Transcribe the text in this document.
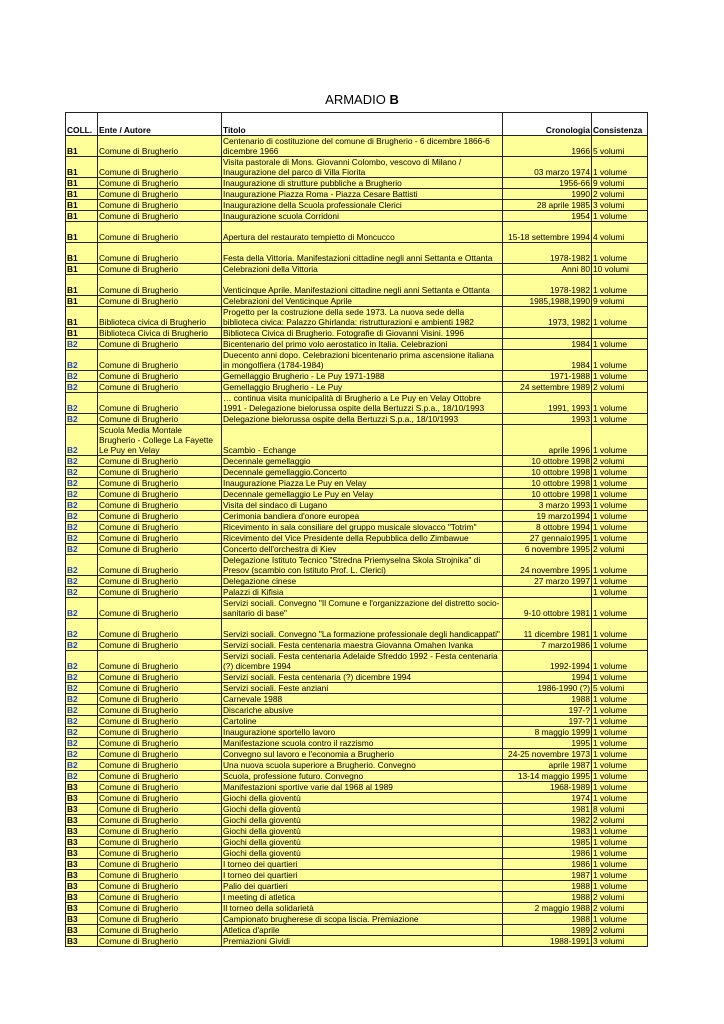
ARMADIO B
COLL.	Ente / Autore	Titolo	Cronologia	Consistenza
B1	Comune di Brugherio	Centenario di costituzione del comune di Brugherio - 6 dicembre 1866-6 dicembre 1966	1966	5 volumi
B1	Comune di Brugherio	Visita pastorale di Mons. Giovanni Colombo, vescovo di Milano / Inaugurazione del parco di Villa Fiorita	03 marzo 1974	1 volume
B1	Comune di Brugherio	Inaugurazione di strutture pubbliche a Brugherio	1956-66	9 volumi
B1	Comune di Brugherio	Inaugurazione Piazza Roma - Piazza Cesare Battisti	1990	2 volumi
B1	Comune di Brugherio	Inaugurazione della Scuola professionale Clerici	28 aprile 1985	3 volumi
B1	Comune di Brugherio	Inaugurazione scuola Corridoni	1954	1 volume
B1	Comune di Brugherio	Apertura del restaurato tempietto di Moncucco	15-18 settembre 1994	4 volumi
B1	Comune di Brugherio	Festa della Vittoria. Manifestazioni cittadine negli anni Settanta e Ottanta	1978-1982	1 volume
B1	Comune di Brugherio	Celebrazioni della Vittoria	Anni 80	10 volumi
B1	Comune di Brugherio	Venticinque Aprile. Manifestazioni cittadine negli anni Settanta e Ottanta	1978-1982	1 volume
B1	Comune di Brugherio	Celebrazioni del Venticinque Aprile	1985,1988,1990	9 volumi
B1	Biblioteca civica di Brugherio	Progetto per la costruzione della sede 1973. La nuova sede della biblioteca civica: Palazzo Ghirlanda: ristrutturazioni e ambienti 1982	1973, 1982	1 volume
B1	Biblioteca Civica di Brugherio	Biblioteca Civica di Brugherio. Fotografie di Giovanni Visini. 1996		
B2	Comune di Brugherio	Bicentenario del primo volo aerostatico in Italia. Celebrazioni	1984	1 volume
B2	Comune di Brugherio	Duecento anni dopo. Celebrazioni bicentenario prima ascensione italiana in mongolfiera (1784-1984)	1984	1 volume
B2	Comune di Brugherio	Gemellaggio Brugherio - Le Puy 1971-1988	1971-1988	1 volume
B2	Comune di Brugherio	Gemellaggio Brugherio - Le Puy	24 settembre 1989	2 volumi
B2	Comune di Brugherio	… continua visita municipalità di Brugherio a Le Puy en Velay Ottobre 1991 - Delegazione bielorussa ospite della Bertuzzi S.p.a., 18/10/1993	1991, 1993	1 volume
B2	Comune di Brugherio	Delegazione bielorussa ospite della Bertuzzi S.p.a., 18/10/1993	1993	1 volume
B2	Scuola Media Montale Brugherio - College La Fayette Le Puy en Velay	Scambio - Echange	aprile 1996	1 volume
B2	Comune di Brugherio	Decennale gemellaggio	10 ottobre 1998	2 volumi
B2	Comune di Brugherio	Decennale gemellaggio.Concerto	10 ottobre 1998	1 volume
B2	Comune di Brugherio	Inaugurazione Piazza Le Puy en Velay	10 ottobre 1998	1 volume
B2	Comune di Brugherio	Decennale gemellaggio Le Puy en Velay	10 ottobre 1998	1 volume
B2	Comune di Brugherio	Visita del sindaco di Lugano	3 marzo 1993	1 volume
B2	Comune di Brugherio	Cerimonia bandiera d'onore europea	19 marzo1994	1 volume
B2	Comune di Brugherio	Ricevimento in sala consiliare del gruppo musicale slovacco "Totrim"	8 ottobre 1994	1 volume
B2	Comune di Brugherio	Ricevimento del Vice Presidente della Repubblica dello Zimbawue	27 gennaio1995	1 volume
B2	Comune di Brugherio	Concerto dell'orchestra di Kiev	6 novembre 1995	2 volumi
B2	Comune di Brugherio	Delegazione Istituto Tecnico "Stredna Priemyselna Skola Strojnika" di Presov (scambio con Istituto Prof. L. Clerici)	24 novembre 1995	1 volume
B2	Comune di Brugherio	Delegazione cinese	27 marzo 1997	1 volume
B2	Comune di Brugherio	Palazzi di Kifisia		1 volume
B2	Comune di Brugherio	Servizi sociali. Convegno "Il Comune e l'organizzazione del distretto socio-sanitario di base"	9-10 ottobre 1981	1 volume
B2	Comune di Brugherio	Servizi sociali. Convegno "La formazione professionale degli handicappati"	11 dicembre 1981	1 volume
B2	Comune di Brugherio	Servizi sociali. Festa centenaria maestra Giovanna Omahen Ivanka	7 marzo1986	1 volume
B2	Comune di Brugherio	Servizi sociali. Festa centenaria Adelaide Sfreddo 1992 - Festa centenaria (?) dicembre 1994	1992-1994	1 volume
B2	Comune di Brugherio	Servizi sociali. Festa centenaria (?) dicembre 1994	1994	1 volume
B2	Comune di Brugherio	Servizi sociali. Feste anziani	1986-1990 (?)	5 volumi
B2	Comune di Brugherio	Carnevale 1988	1988	1 volume
B2	Comune di Brugherio	Discariche abusive	197-?	1 volume
B2	Comune di Brugherio	Cartoline	197-?	1 volume
B2	Comune di Brugherio	Inaugurazione sportello lavoro	8 maggio 1999	1 volume
B2	Comune di Brugherio	Manifestazione scuola contro il razzismo	1995	1 volume
B2	Comune di Brugherio	Convegno sul lavoro e l'economia a Brugherio	24-25 novembre 1973	1 volume
B2	Comune di Brugherio	Una nuova scuola superiore a Brugherio. Convegno	aprile 1987	1 volume
B2	Comune di Brugherio	Scuola, professione futuro. Convegno	13-14 maggio 1995	1 volume
B3	Comune di Brugherio	Manifestazioni sportive varie dal 1968 al 1989	1968-1989	1 volume
B3	Comune di Brugherio	Giochi della gioventù	1974	1 volume
B3	Comune di Brugherio	Giochi della gioventù	1981	8 volumi
B3	Comune di Brugherio	Giochi della gioventù	1982	2 volumi
B3	Comune di Brugherio	Giochi della gioventù	1983	1 volume
B3	Comune di Brugherio	Giochi della gioventù	1985	1 volume
B3	Comune di Brugherio	Giochi della gioventù	1986	1 volume
B3	Comune di Brugherio	I torneo dei quartieri	1986	1 volume
B3	Comune di Brugherio	I torneo dei quartieri	1987	1 volume
B3	Comune di Brugherio	Palio dei quartieri	1988	1 volume
B3	Comune di Brugherio	I meeting di atletica	1988	2 volumi
B3	Comune di Brugherio	Il torneo della solidarietà	2 maggio 1988	2 volumi
B3	Comune di Brugherio	Campionato brugherese di scopa liscia. Premiazione	1988	1 volume
B3	Comune di Brugherio	Atletica d'aprile	1989	2 volumi
B3	Comune di Brugherio	Premiazioni Gividi	1988-1991	3 volumi
